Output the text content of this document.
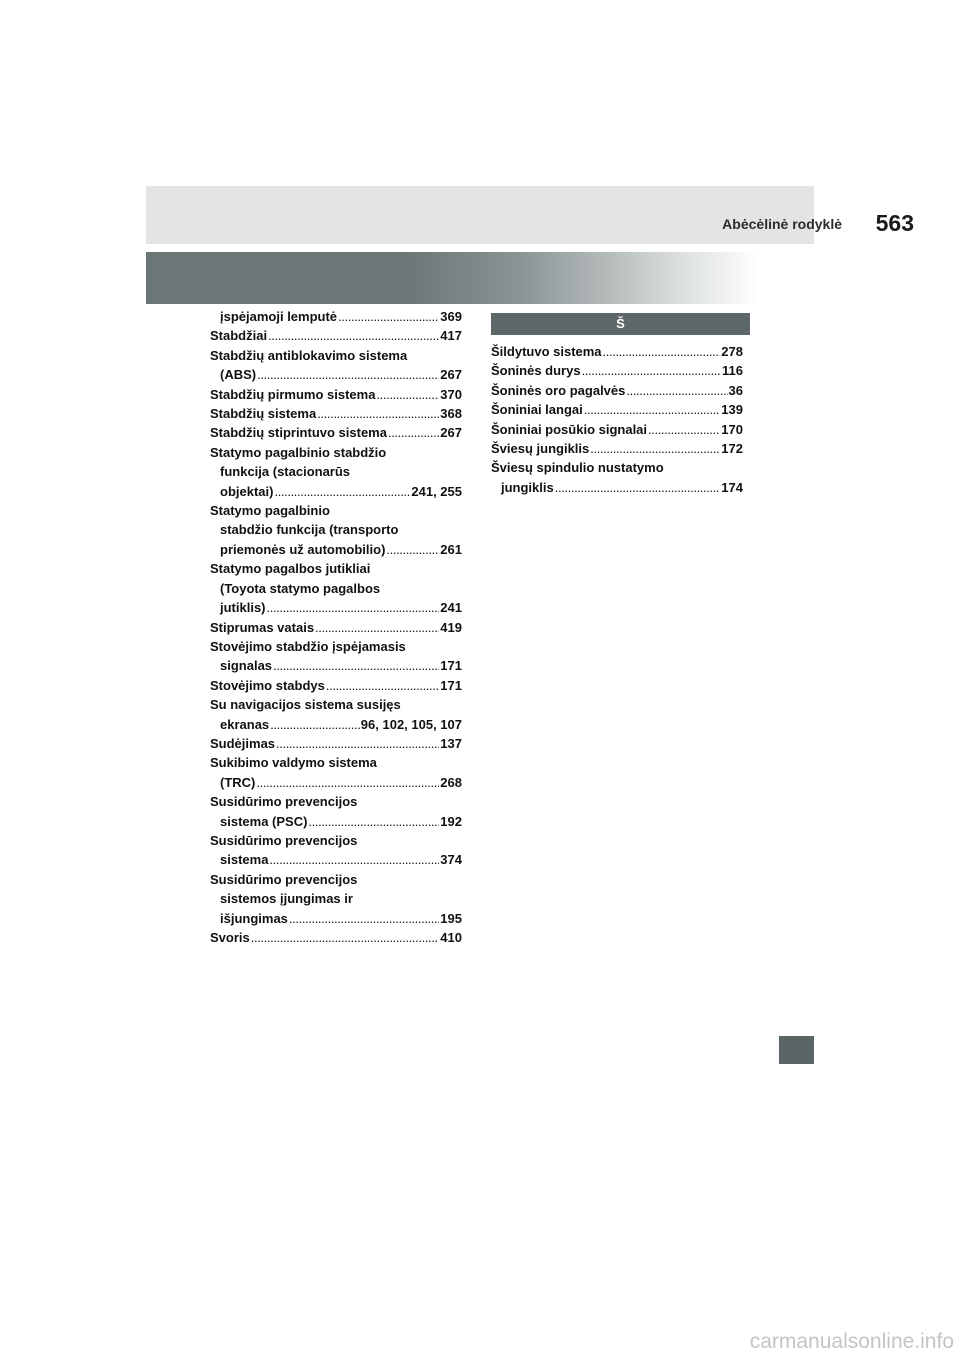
Abėcėlinė rodyklė 563
įspėjamoji lemputė . . .	369
Stabdžiai . . .	417
Stabdžių antiblokavimo sistema
(ABS) . . .	267
Stabdžių pirmumo sistema . . .	370
Stabdžių sistema . . .	368
Stabdžių stiprintuvo sistema . . .	267
Statymo pagalbinio stabdžio
funkcija (stacionarūs
objektai) . . .	241, 255
Statymo pagalbinio
stabdžio funkcija (transporto
priemonės už automobilio) . . .	261
Statymo pagalbos jutikliai
(Toyota statymo pagalbos
jutiklis) . . .	241
Stiprumas vatais . . .	419
Stovėjimo stabdžio įspėjamasis
signalas . . .	171
Stovėjimo stabdys . . .	171
Su navigacijos sistema susijęs
ekranas . . .	96, 102, 105, 107
Sudėjimas . . .	137
Sukibimo valdymo sistema
(TRC) . . .	268
Susidūrimo prevencijos
sistema (PSC) . . .	192
Susidūrimo prevencijos
sistema . . .	374
Susidūrimo prevencijos
sistemos įjungimas ir
išjungimas . . .	195
Svoris . . .	410
Š
Šildytuvo sistema . . .	278
Šoninės durys . . .	116
Šoninės oro pagalvės . . .	36
Šoniniai langai . . .	139
Šoniniai posūkio signalai . . .	170
Šviesų jungiklis . . .	172
Šviesų spindulio nustatymo
jungiklis . . .	174
carmanualsonline.info
